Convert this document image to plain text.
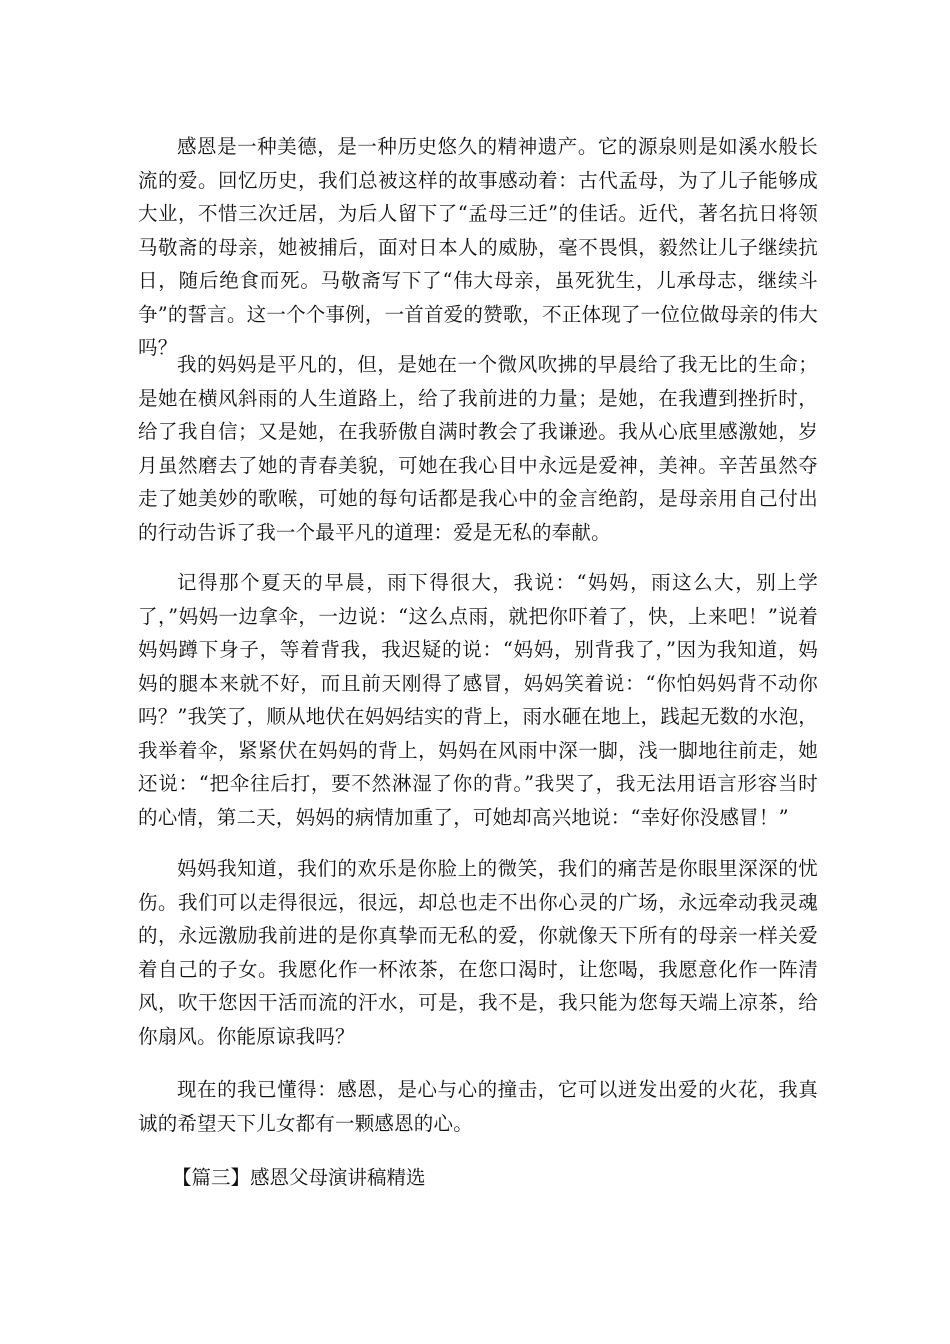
感恩是一种美德，是一种历史悠久的精神遗产。它的源泉则是如溪水般长流的爱。回忆历史，我们总被这样的故事感动着：古代孟母，为了儿子能够成大业，不惜三次迁居，为后人留下了“孟母三迁”的佳话。近代，著名抗日将领马敬斋的母亲，她被捕后，面对日本人的威胁，毫不畏惧，毅然让儿子继续抗日，随后绝食而死。马敬斋写下了“伟大母亲，虽死犹生，儿承母志，继续斗争”的誓言。这一个个事例，一首首爱的赞歌，不正体现了一位位做母亲的伟大吗？

我的妈妈是平凡的，但，是她在一个微风吹拂的早晨给了我无比的生命；是她在横风斜雨的人生道路上，给了我前进的力量；是她，在我遭到挫折时，给了我自信；又是她，在我骄傲自满时教会了我谦逊。我从心底里感激她，岁月虽然磨去了她的青春美貌，可她在我心目中永远是爱神，美神。辛苦虽然夺走了她美妙的歌喉，可她的每句话都是我心中的金言绝韵，是母亲用自己付出的行动告诉了我一个最平凡的道理：爱是无私的奉献。

记得那个夏天的早晨，雨下得很大，我说：“妈妈，雨这么大，别上学了，”妈妈一边拿伞，一边说：“这么点雨，就把你吓着了，快，上来吧！”说着妈妈蹲下身子，等着背我，我迟疑的说：“妈妈，别背我了，”因为我知道，妈妈的腿本来就不好，而且前天刚得了感冒，妈妈笑着说：“你怕妈妈背不动你吗？”我笑了，顺从地伏在妈妈结实的背上，雨水砸在地上，践起无数的水泡，我举着伞，紧紧伏在妈妈的背上，妈妈在风雨中深一脚，浅一脚地往前走，她还说：“把伞往后打，要不然淋湿了你的背。”我哭了，我无法用语言形容当时的心情，第二天，妈妈的病情加重了，可她却高兴地说：“幸好你没感冒！”

妈妈我知道，我们的欢乐是你脸上的微笑，我们的痛苦是你眼里深深的忧伤。我们可以走得很远，很远，却总也走不出你心灵的广场，永远牵动我灵魂的，永远激励我前进的是你真挚而无私的爱，你就像天下所有的母亲一样关爱着自己的子女。我愿化作一杯浓茶，在您口渴时，让您喝，我愿意化作一阵清风，吹干您因干活而流的汗水，可是，我不是，我只能为您每天端上凉茶，给你扇风。你能原谅我吗？

现在的我已懂得：感恩，是心与心的撞击，它可以迸发出爱的火花，我真诚的希望天下儿女都有一颗感恩的心。

【篇三】感恩父母演讲稿精选
